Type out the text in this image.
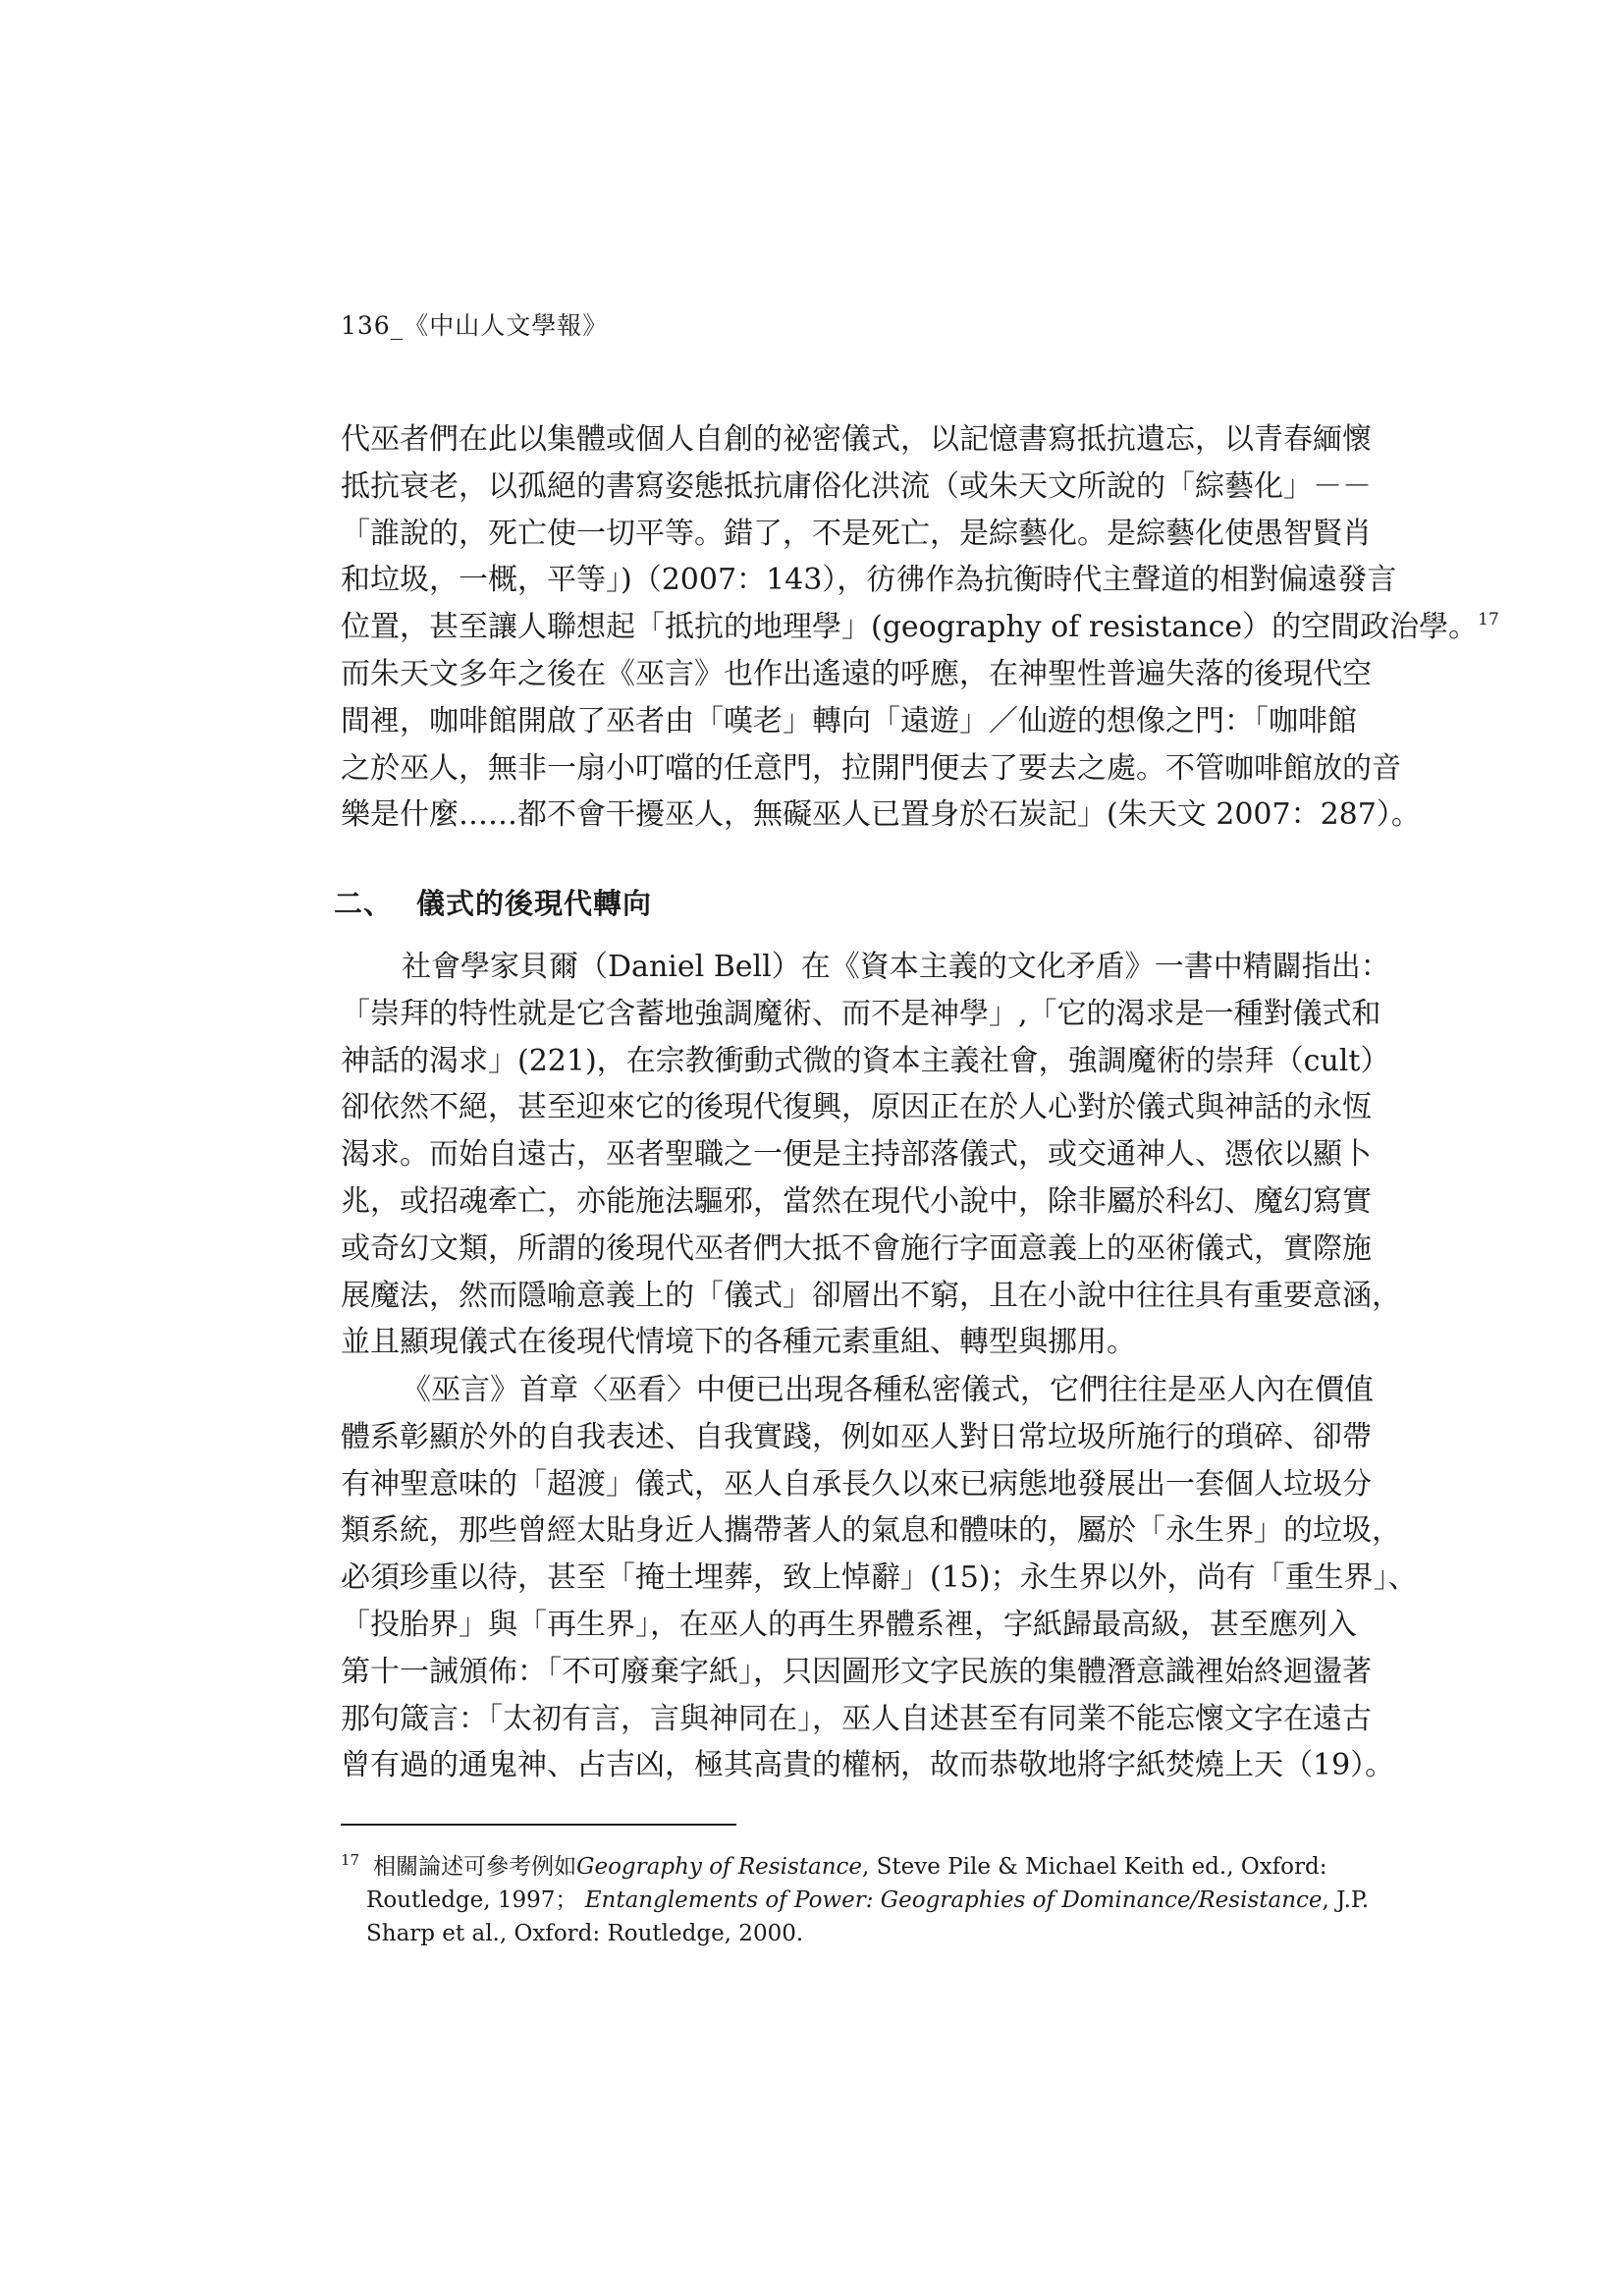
136_《中山人文學報》
代巫者們在此以集體或個人自創的祕密儀式，以記憶書寫抵抗遺忘，以青春緬懷
抵抗衰老，以孤絕的書寫姿態抵抗庸俗化洪流（或朱天文所說的「綜藝化」－－
「誰說的，死亡使一切平等。錯了，不是死亡，是綜藝化。是綜藝化使愚智賢肖
和垃圾，一概，平等」)（2007：143），彷彿作為抗衡時代主聲道的相對偏遠發言
位置，甚至讓人聯想起「抵抗的地理學」(geography of resistance）的空間政治學。$^{17}$
而朱天文多年之後在《巫言》也作出遙遠的呼應，在神聖性普遍失落的後現代空
間裡，咖啡館開啟了巫者由「嘆老」轉向「遠遊」／仙遊的想像之門：「咖啡館
之於巫人，無非一扇小叮噹的任意門，拉開門便去了要去之處。不管咖啡館放的音
樂是什麼……都不會干擾巫人，無礙巫人已置身於石炭記」(朱天文 2007：287）。
二、 儀式的後現代轉向
社會學家貝爾（Daniel Bell）在《資本主義的文化矛盾》一書中精闢指出：
「崇拜的特性就是它含蓄地強調魔術、而不是神學」,「它的渴求是一種對儀式和
神話的渴求」(221)，在宗教衝動式微的資本主義社會，強調魔術的崇拜（cult）
卻依然不絕，甚至迎來它的後現代復興，原因正在於人心對於儀式與神話的永恆
渴求。而始自遠古，巫者聖職之一便是主持部落儀式，或交通神人、憑依以顯卜
兆，或招魂牽亡，亦能施法驅邪，當然在現代小說中，除非屬於科幻、魔幻寫實
或奇幻文類，所謂的後現代巫者們大抵不會施行字面意義上的巫術儀式，實際施
展魔法，然而隱喻意義上的「儀式」卻層出不窮，且在小說中往往具有重要意涵，
並且顯現儀式在後現代情境下的各種元素重組、轉型與挪用。
《巫言》首章〈巫看〉中便已出現各種私密儀式，它們往往是巫人內在價值
體系彰顯於外的自我表述、自我實踐，例如巫人對日常垃圾所施行的瑣碎、卻帶
有神聖意味的「超渡」儀式，巫人自承長久以來已病態地發展出一套個人垃圾分
類系統，那些曾經太貼身近人攜帶著人的氣息和體味的，屬於「永生界」的垃圾，
必須珍重以待，甚至「掩土埋葬，致上悼辭」(15)；永生界以外，尚有「重生界」、
「投胎界」與「再生界」，在巫人的再生界體系裡，字紙歸最高級，甚至應列入
第十一誡頒佈：「不可廢棄字紙」，只因圖形文字民族的集體潛意識裡始終迴盪著
那句箴言：「太初有言，言與神同在」，巫人自述甚至有同業不能忘懷文字在遠古
曾有過的通鬼神、占吉凶，極其高貴的權柄，故而恭敬地將字紙焚燒上天（19）。
$^{17}$ 相關論述可參考例如Geography of Resistance, Steve Pile & Michael Keith ed., Oxford:
Routledge, 1997； Entanglements of Power: Geographies of Dominance/Resistance, J.P.
Sharp et al., Oxford: Routledge, 2000.
